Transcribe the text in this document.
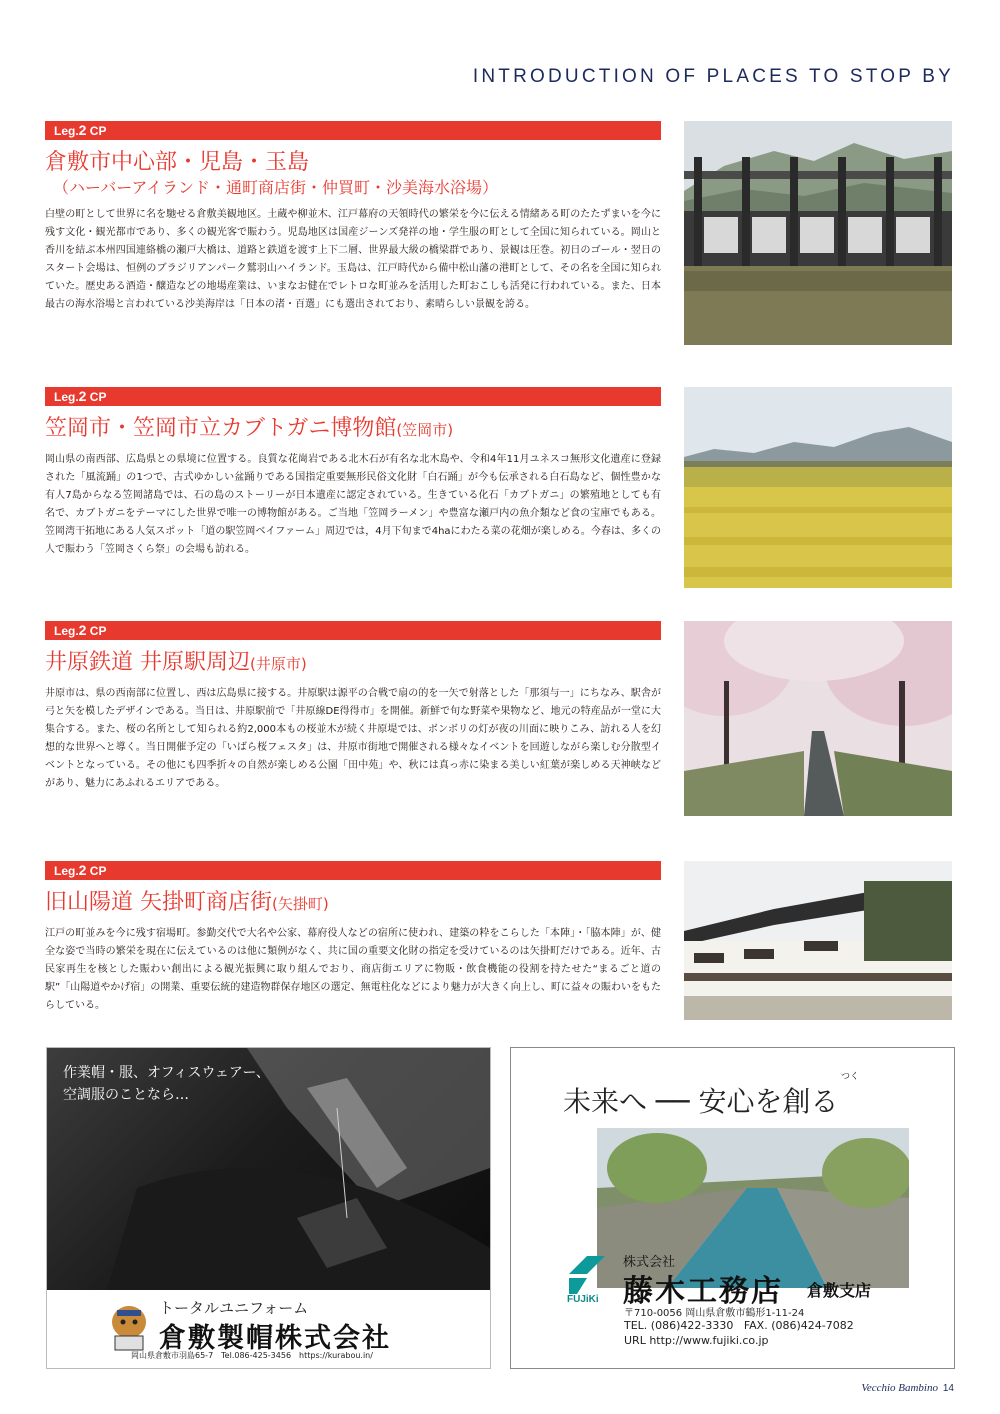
INTRODUCTION OF PLACES TO STOP BY
Leg.2 CP
倉敷市中心部・児島・玉島
（ハーバーアイランド・通町商店街・仲買町・沙美海水浴場）
白壁の町として世界に名を馳せる倉敷美観地区。土蔵や柳並木、江戸幕府の天領時代の繁栄を今に伝える情緒ある町のたたずまいを今に残す文化・観光都市であり、多くの観光客で賑わう。児島地区は国産ジーンズ発祥の地・学生服の町として全国に知られている。岡山と香川を結ぶ本州四国連絡橋の瀬戸大橋は、道路と鉄道を渡す上下二層、世界最大級の橋梁群であり、景観は圧巻。初日のゴール・翌日のスタート会場は、恒例のブラジリアンパーク鷲羽山ハイランド。玉島は、江戸時代から備中松山藩の港町として、その名を全国に知られていた。歴史ある酒造・醸造などの地場産業は、いまなお健在でレトロな町並みを活用した町おこしも活発に行われている。また、日本最古の海水浴場と言われている沙美海岸は「日本の渚・百選」にも選出されており、素晴らしい景観を誇る。
Leg.2 CP
笠岡市・笠岡市立カブトガニ博物館(笠岡市)
岡山県の南西部、広島県との県境に位置する。良質な花崗岩である北木石が有名な北木島や、令和4年11月ユネスコ無形文化遺産に登録された「風流踊」の1つで、古式ゆかしい盆踊りである国指定重要無形民俗文化財「白石踊」が今も伝承される白石島など、個性豊かな有人7島からなる笠岡諸島では、石の島のストーリーが日本遺産に認定されている。生きている化石「カブトガニ」の繁殖地としても有名で、カブトガニをテーマにした世界で唯一の博物館がある。ご当地「笠岡ラーメン」や豊富な瀬戸内の魚介類など食の宝庫でもある。笠岡湾干拓地にある人気スポット「道の駅笠岡ベイファーム」周辺では，4月下旬まで4haにわたる菜の花畑が楽しめる。今春は、多くの人で賑わう「笠岡さくら祭」の会場も訪れる。
Leg.2 CP
井原鉄道 井原駅周辺(井原市)
井原市は、県の西南部に位置し、西は広島県に接する。井原駅は源平の合戦で扇の的を一矢で射落とした「那須与一」にちなみ、駅舎が弓と矢を模したデザインである。当日は、井原駅前で「井原線DE得得市」を開催。新鮮で旬な野菜や果物など、地元の特産品が一堂に大集合する。また、桜の名所として知られる約2,000本もの桜並木が続く井原堤では、ボンボリの灯が夜の川面に映りこみ、訪れる人を幻想的な世界へと導く。当日開催予定の「いばら桜フェスタ」は、井原市街地で開催される様々なイベントを回遊しながら楽しむ分散型イベントとなっている。その他にも四季折々の自然が楽しめる公園「田中苑」や、秋には真っ赤に染まる美しい紅葉が楽しめる天神峡などがあり、魅力にあふれるエリアである。
Leg.2 CP
旧山陽道 矢掛町商店街(矢掛町)
江戸の町並みを今に残す宿場町。参勤交代で大名や公家、幕府役人などの宿所に使われ、建築の粋をこらした「本陣」・「脇本陣」が、健全な姿で当時の繁栄を現在に伝えているのは他に類例がなく、共に国の重要文化財の指定を受けているのは矢掛町だけである。近年、古民家再生を核とした賑わい創出による観光振興に取り組んでおり、商店街エリアに物販・飲食機能の役割を持たせた“まるごと道の駅”「山陽道やかげ宿」の開業、重要伝統的建造物群保存地区の選定、無電柱化などにより魅力が大きく向上し、町に益々の賑わいをもたらしている。
作業帽・服、オフィスウェアー、
空調服のことなら…
トータルユニフォーム
倉敷製帽株式会社
岡山県倉敷市羽島65-7　Tel.086-425-3456　https://kurabou.in/
つく
未来へ ── 安心を創る
FUJiKi
株式会社
藤木工務店 倉敷支店
〒710-0056 岡山県倉敷市鶴形1-11-24
TEL. (086)422-3330   FAX. (086)424-7082
URL http://www.fujiki.co.jp
Vecchio Bambino 14
